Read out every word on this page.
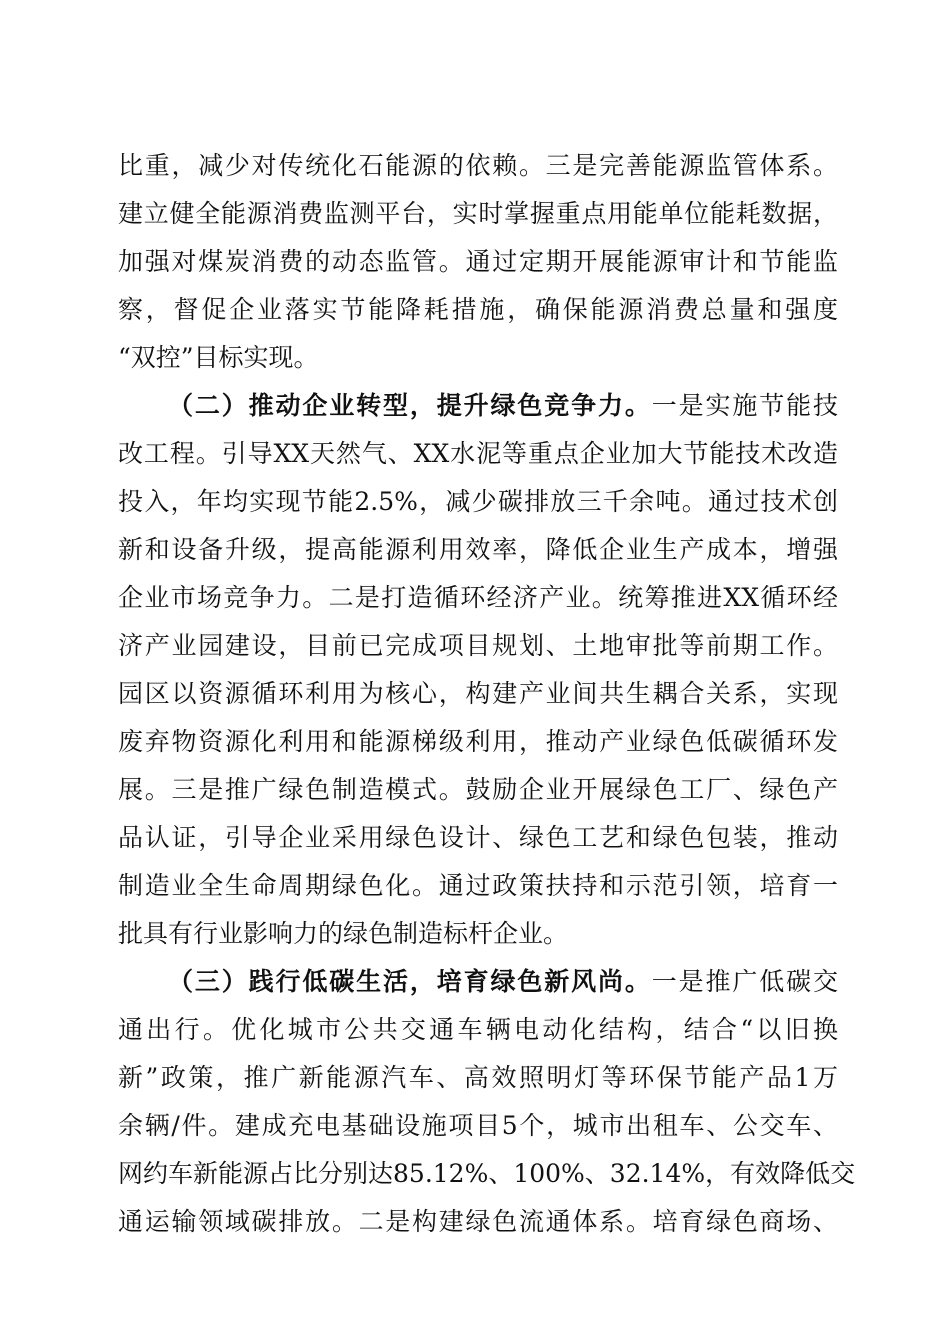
比重，减少对传统化石能源的依赖。三是完善能源监管体系。
建立健全能源消费监测平台，实时掌握重点用能单位能耗数据，
加强对煤炭消费的动态监管。通过定期开展能源审计和节能监
察，督促企业落实节能降耗措施，确保能源消费总量和强度
“双控”目标实现。
（二）推动企业转型，提升绿色竞争力。一是实施节能技
改工程。引导XX天然气、XX水泥等重点企业加大节能技术改造
投入，年均实现节能2.5%，减少碳排放三千余吨。通过技术创
新和设备升级，提高能源利用效率，降低企业生产成本，增强
企业市场竞争力。二是打造循环经济产业。统筹推进XX循环经
济产业园建设，目前已完成项目规划、土地审批等前期工作。
园区以资源循环利用为核心，构建产业间共生耦合关系，实现
废弃物资源化利用和能源梯级利用，推动产业绿色低碳循环发
展。三是推广绿色制造模式。鼓励企业开展绿色工厂、绿色产
品认证，引导企业采用绿色设计、绿色工艺和绿色包装，推动
制造业全生命周期绿色化。通过政策扶持和示范引领，培育一
批具有行业影响力的绿色制造标杆企业。
（三）践行低碳生活，培育绿色新风尚。一是推广低碳交
通出行。优化城市公共交通车辆电动化结构，结合“以旧换
新”政策，推广新能源汽车、高效照明灯等环保节能产品1万
余辆/件。建成充电基础设施项目5个，城市出租车、公交车、
网约车新能源占比分别达85.12%、100%、32.14%，有效降低交
通运输领域碳排放。二是构建绿色流通体系。培育绿色商场、
